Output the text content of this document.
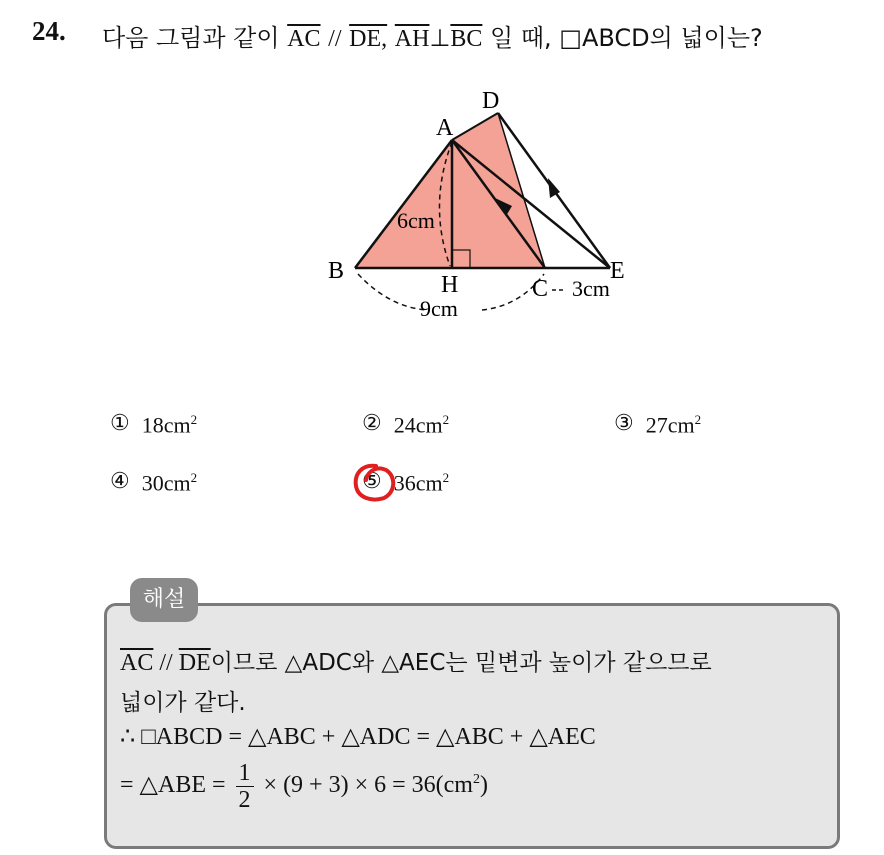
24. 다음 그림과 같이 $\overline{AC}$ // DE, $\overline{AH}\perp\overline{BC}$ 일 때, □ABCD의 넓이는?
A
D
B
H	C
E
6cm
9cm
3cm
① $18cm^2$	② $24cm^2$	③ $27cm^2$
④ $30cm^2$	⑤ $36cm^2$
해설
$\overline{AC} // \overline{DE}$이므로 △ADC와 △AEC는 밑변과 높이가 같으므로
넓이가 같다.
∴ □ABCD = △ABC + △ADC = △ABC + △AEC
= △ABE = $\frac{1}{2} \times (9 + 3) \times 6 = 36(cm^2)$
